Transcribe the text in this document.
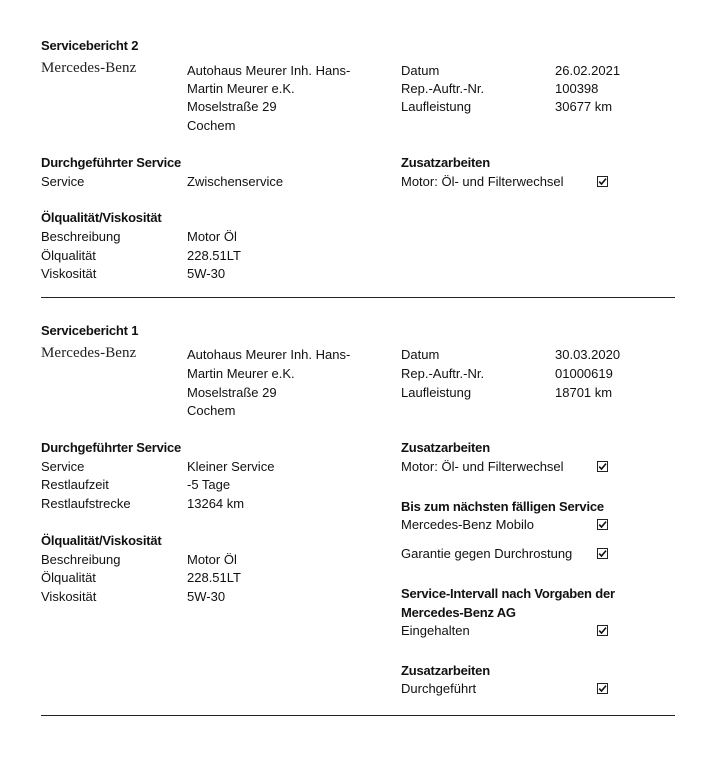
Servicebericht 2
Mercedes-Benz	Autohaus Meurer Inh. Hans-
Martin Meurer e.K.
Moselstraße 29
Cochem
Datum	26.02.2021
Rep.-Auftr.-Nr.	100398
Laufleistung	30677 km
Durchgeführter Service
Service	Zwischenservice
Zusatzarbeiten
Motor: Öl- und Filterwechsel
Ölqualität/Viskosität
Beschreibung	Motor Öl
Ölqualität	228.51LT
Viskosität	5W-30
Servicebericht 1
Mercedes-Benz	Autohaus Meurer Inh. Hans-
Martin Meurer e.K.
Moselstraße 29
Cochem
Datum	30.03.2020
Rep.-Auftr.-Nr.	01000619
Laufleistung	18701 km
Durchgeführter Service
Service	Kleiner Service
Restlaufzeit	-5 Tage
Restlaufstrecke	13264 km
Ölqualität/Viskosität
Beschreibung	Motor Öl
Ölqualität	228.51LT
Viskosität	5W-30
Zusatzarbeiten
Motor: Öl- und Filterwechsel
Bis zum nächsten fälligen Service
Mercedes-Benz Mobilo
Garantie gegen Durchrostung
Service-Intervall nach Vorgaben der Mercedes-Benz AG
Eingehalten
Zusatzarbeiten
Durchgeführt
